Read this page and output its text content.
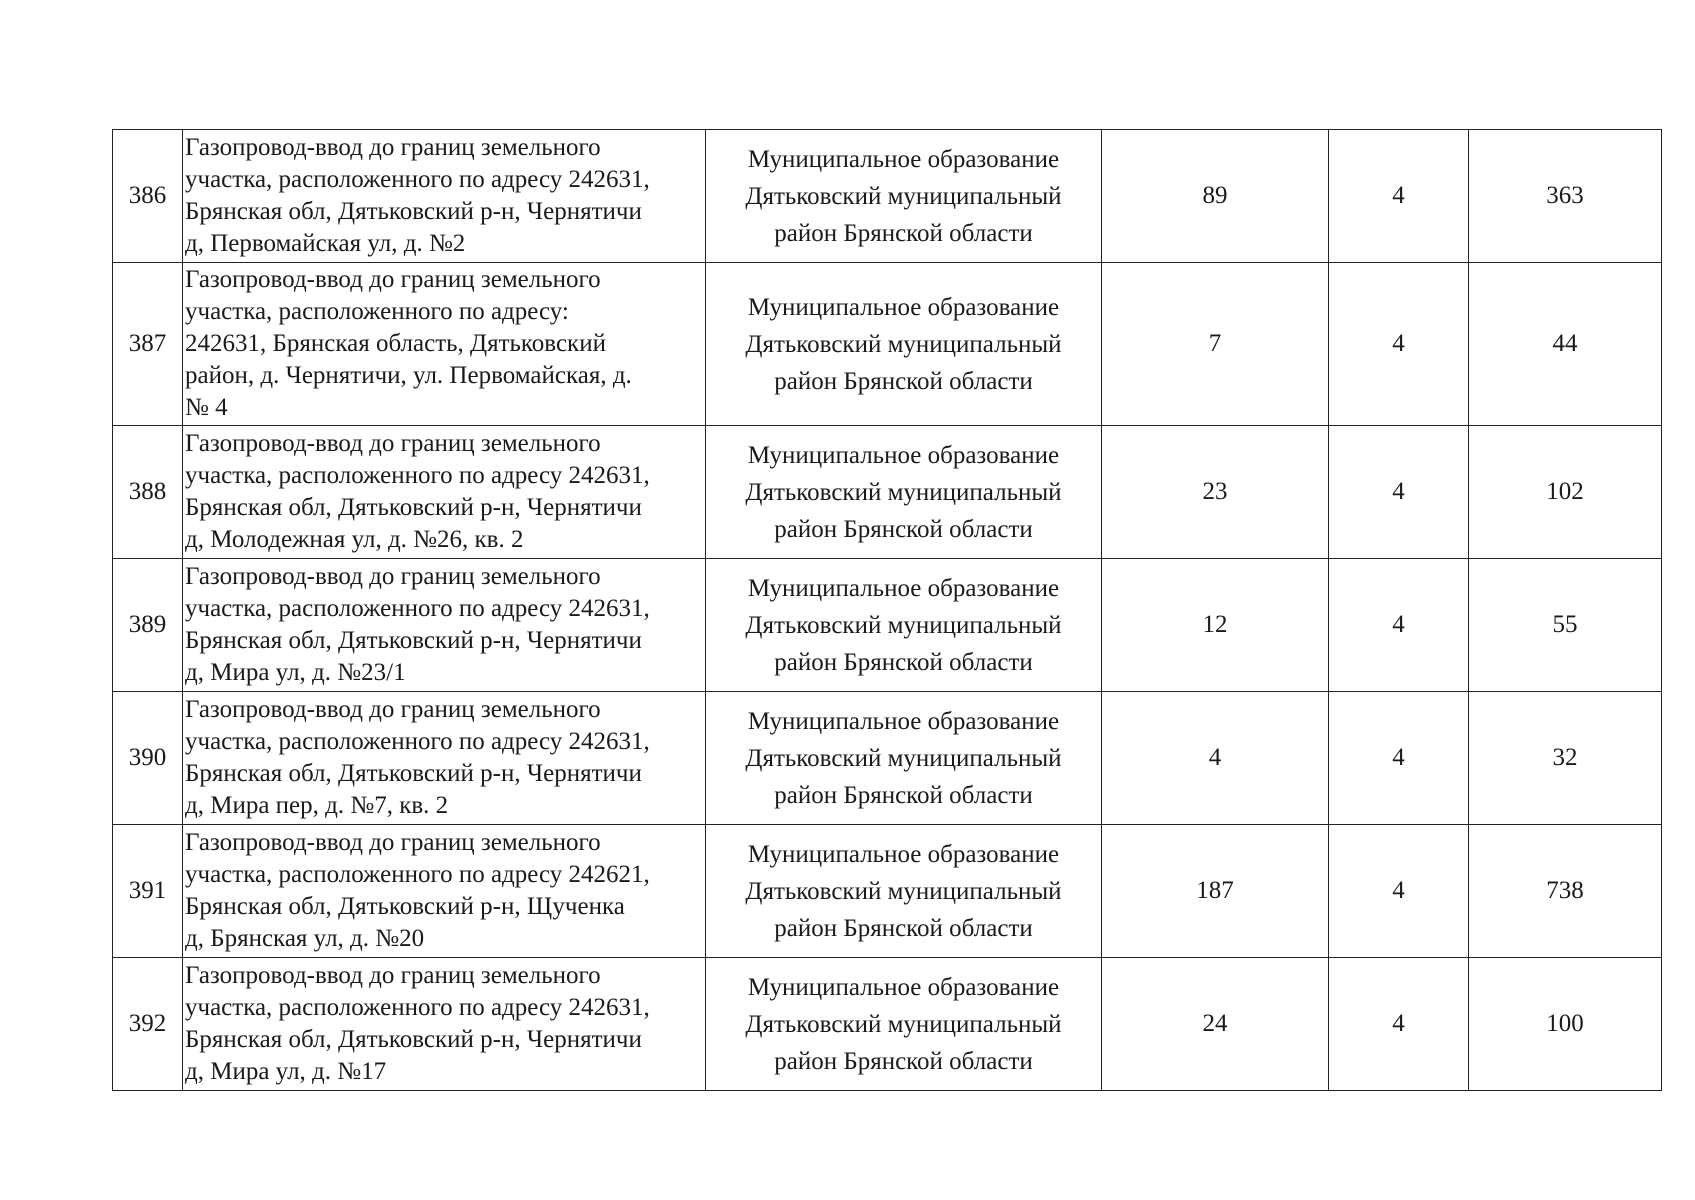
386	Газопровод-ввод до границ земельного
участка, расположенного по адресу 242631,
Брянская обл, Дятьковский р-н, Чернятичи
д, Первомайская ул, д. №2	Муниципальное образование
Дятьковский муниципальный
район Брянской области	89	4	363
387	Газопровод-ввод до границ земельного
участка, расположенного по адресу:
242631, Брянская область, Дятьковский
район, д. Чернятичи, ул. Первомайская, д.
№ 4	Муниципальное образование
Дятьковский муниципальный
район Брянской области	7	4	44
388	Газопровод-ввод до границ земельного
участка, расположенного по адресу 242631,
Брянская обл, Дятьковский р-н, Чернятичи
д, Молодежная ул, д. №26, кв. 2	Муниципальное образование
Дятьковский муниципальный
район Брянской области	23	4	102
389	Газопровод-ввод до границ земельного
участка, расположенного по адресу 242631,
Брянская обл, Дятьковский р-н, Чернятичи
д, Мира ул, д. №23/1	Муниципальное образование
Дятьковский муниципальный
район Брянской области	12	4	55
390	Газопровод-ввод до границ земельного
участка, расположенного по адресу 242631,
Брянская обл, Дятьковский р-н, Чернятичи
д, Мира пер, д. №7, кв. 2	Муниципальное образование
Дятьковский муниципальный
район Брянской области	4	4	32
391	Газопровод-ввод до границ земельного
участка, расположенного по адресу 242621,
Брянская обл, Дятьковский р-н, Щученка
д, Брянская ул, д. №20	Муниципальное образование
Дятьковский муниципальный
район Брянской области	187	4	738
392	Газопровод-ввод до границ земельного
участка, расположенного по адресу 242631,
Брянская обл, Дятьковский р-н, Чернятичи
д, Мира ул, д. №17	Муниципальное образование
Дятьковский муниципальный
район Брянской области	24	4	100
